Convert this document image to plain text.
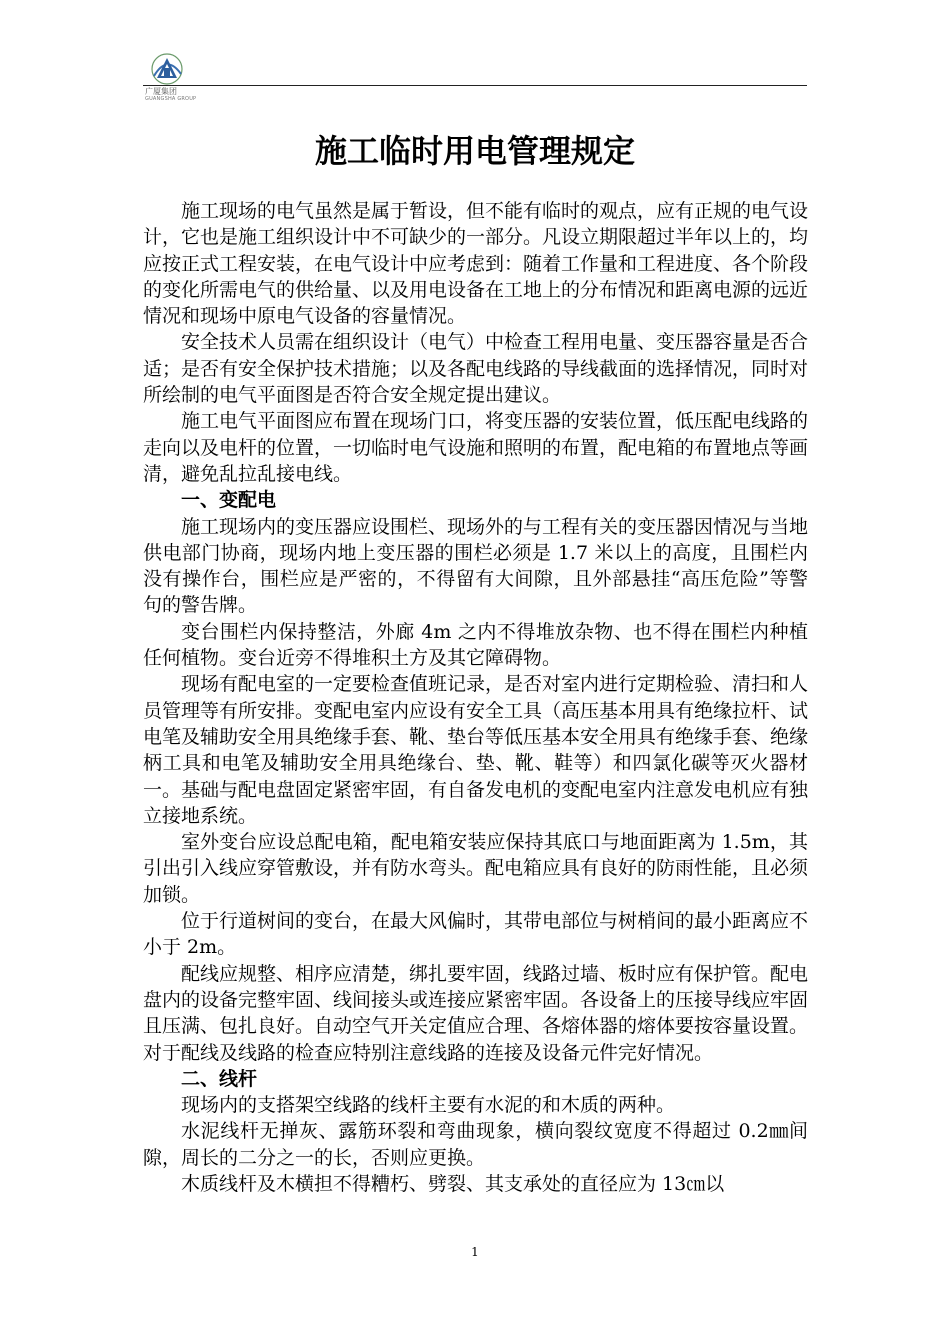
广厦集团
GUANGSHA GROUP
施工临时用电管理规定

施工现场的电气虽然是属于暂设，但不能有临时的观点，应有正规的电气设计，它也是施工组织设计中不可缺少的一部分。凡设立期限超过半年以上的，均应按正式工程安装，在电气设计中应考虑到：随着工作量和工程进度、各个阶段的变化所需电气的供给量、以及用电设备在工地上的分布情况和距离电源的远近情况和现场中原电气设备的容量情况。

安全技术人员需在组织设计（电气）中检查工程用电量、变压器容量是否合适；是否有安全保护技术措施；以及各配电线路的导线截面的选择情况，同时对所绘制的电气平面图是否符合安全规定提出建议。

施工电气平面图应布置在现场门口，将变压器的安装位置，低压配电线路的走向以及电杆的位置，一切临时电气设施和照明的布置，配电箱的布置地点等画清，避免乱拉乱接电线。

一、变配电

施工现场内的变压器应设围栏、现场外的与工程有关的变压器因情况与当地供电部门协商，现场内地上变压器的围栏必须是 1.7 米以上的高度，且围栏内没有操作台，围栏应是严密的，不得留有大间隙，且外部悬挂“高压危险”等警句的警告牌。

变台围栏内保持整洁，外廊 4m 之内不得堆放杂物、也不得在围栏内种植任何植物。变台近旁不得堆积土方及其它障碍物。

现场有配电室的一定要检查值班记录，是否对室内进行定期检验、清扫和人员管理等有所安排。变配电室内应设有安全工具（高压基本用具有绝缘拉杆、试电笔及辅助安全用具绝缘手套、靴、垫台等低压基本安全用具有绝缘手套、绝缘柄工具和电笔及辅助安全用具绝缘台、垫、靴、鞋等）和四氯化碳等灭火器材一。基础与配电盘固定紧密牢固，有自备发电机的变配电室内注意发电机应有独立接地系统。

室外变台应设总配电箱，配电箱安装应保持其底口与地面距离为 1.5m，其引出引入线应穿管敷设，并有防水弯头。配电箱应具有良好的防雨性能，且必须加锁。

位于行道树间的变台，在最大风偏时，其带电部位与树梢间的最小距离应不小于 2m。

配线应规整、相序应清楚，绑扎要牢固，线路过墙、板时应有保护管。配电盘内的设备完整牢固、线间接头或连接应紧密牢固。各设备上的压接导线应牢固且压满、包扎良好。自动空气开关定值应合理、各熔体器的熔体要按容量设置。对于配线及线路的检查应特别注意线路的连接及设备元件完好情况。

二、线杆

现场内的支搭架空线路的线杆主要有水泥的和木质的两种。

水泥线杆无掸灰、露筋环裂和弯曲现象，横向裂纹宽度不得超过 0.2㎜间隙，周长的二分之一的长，否则应更换。

木质线杆及木横担不得糟朽、劈裂、其支承处的直径应为 13㎝以

1
